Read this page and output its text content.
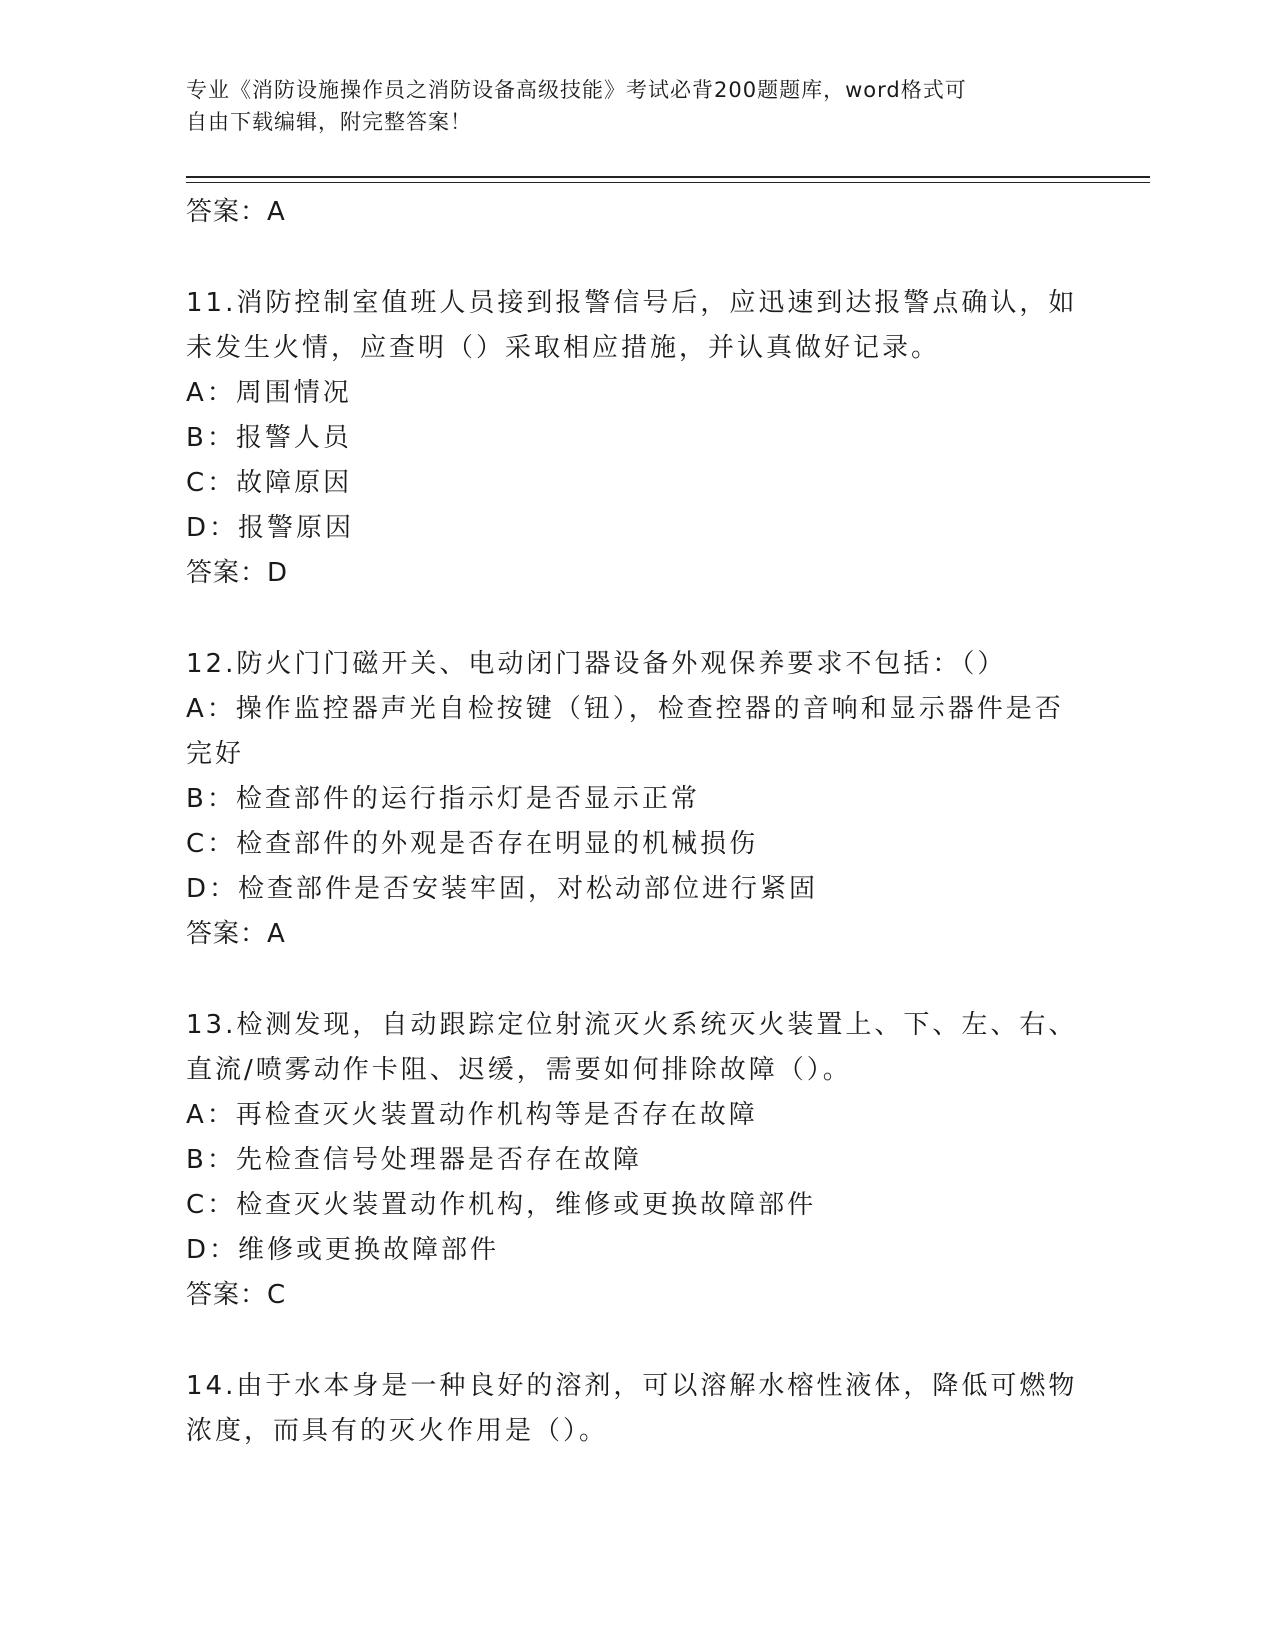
专业《消防设施操作员之消防设备高级技能》考试必背200题题库，word格式可
自由下载编辑，附完整答案！
答案：A
11.消防控制室值班人员接到报警信号后，应迅速到达报警点确认，如
未发生火情，应查明（）采取相应措施，并认真做好记录。
A：周围情况
B：报警人员
C：故障原因
D：报警原因
答案：D
12.防火门门磁开关、电动闭门器设备外观保养要求不包括：（）
A：操作监控器声光自检按键（钮），检查控器的音响和显示器件是否
完好
B：检查部件的运行指示灯是否显示正常
C：检查部件的外观是否存在明显的机械损伤
D：检查部件是否安装牢固，对松动部位进行紧固
答案：A
13.检测发现，自动跟踪定位射流灭火系统灭火装置上、下、左、右、
直流/喷雾动作卡阻、迟缓，需要如何排除故障（）。
A：再检查灭火装置动作机构等是否存在故障
B：先检查信号处理器是否存在故障
C：检查灭火装置动作机构，维修或更换故障部件
D：维修或更换故障部件
答案：C
14.由于水本身是一种良好的溶剂，可以溶解水榕性液体，降低可燃物
浓度，而具有的灭火作用是（）。
